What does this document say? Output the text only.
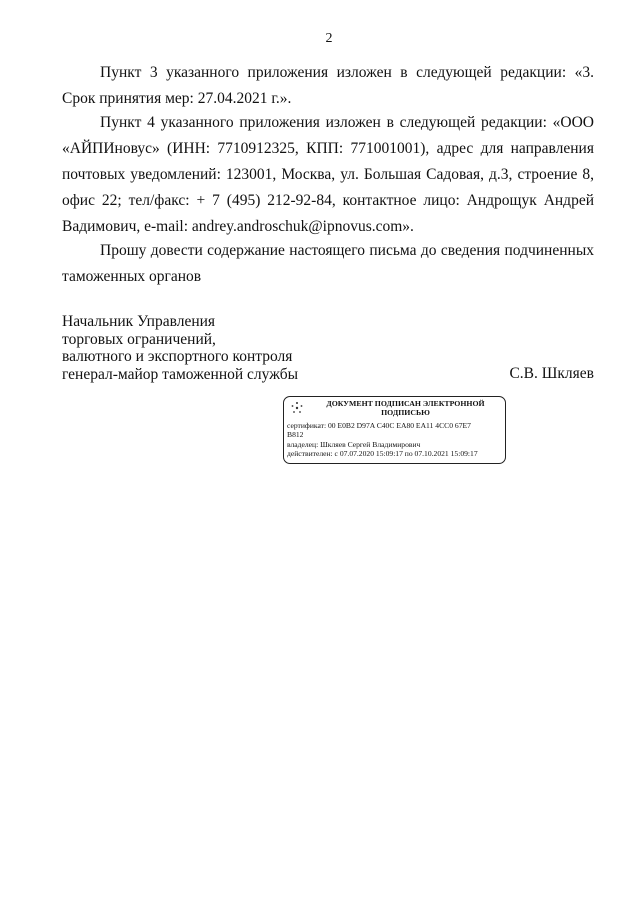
2

Пункт 3 указанного приложения изложен в следующей редакции: «3. Срок принятия мер: 27.04.2021 г.».

Пункт 4 указанного приложения изложен в следующей редакции: «ООО «АЙПИновус» (ИНН: 7710912325, КПП: 771001001), адрес для направления почтовых уведомлений: 123001, Москва, ул. Большая Садовая, д.3, строение 8, офис 22; тел/факс: + 7 (495) 212-92-84, контактное лицо: Андрощук Андрей Вадимович, e-mail: andrey.androschuk@ipnovus.com».

Прошу довести содержание настоящего письма до сведения подчиненных таможенных органов

Начальник Управления
торговых ограничений,
валютного и экспортного контроля
генерал-майор таможенной службы	С.В. Шкляев
ДОКУМЕНТ ПОДПИСАН ЭЛЕКТРОННОЙ ПОДПИСЬЮ
сертификат: 00 E0B2 D97A C40C EA80 EA11 4CC0 67E7
B812
владелец: Шкляев Сергей Владимирович
действителен: с 07.07.2020 15:09:17 по 07.10.2021 15:09:17
